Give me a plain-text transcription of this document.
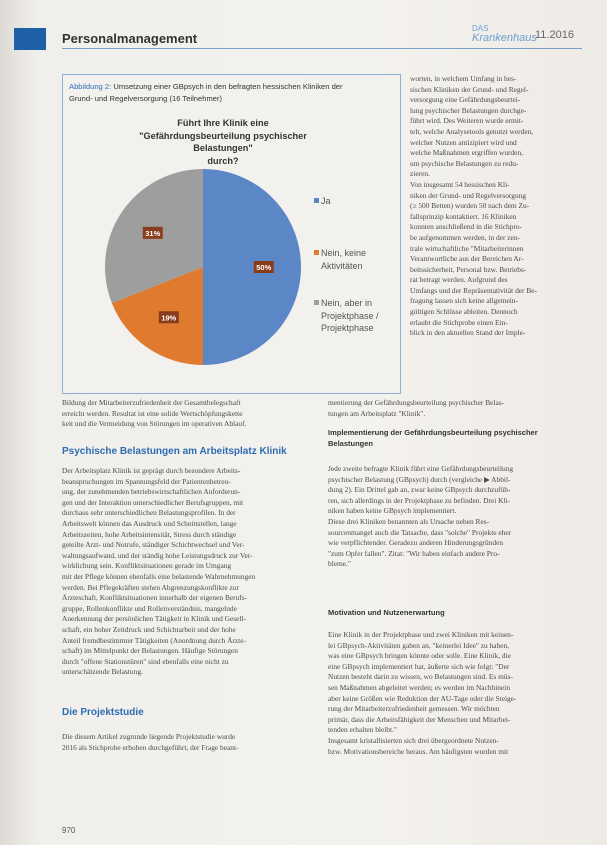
Personalmanagement
DAS
Krankenhaus
11.2016
Abbildung 2: Umsetzung einer GBpsych in den befragten hessischen Kliniken der
Grund- und Regelversorgung (16 Teilnehmer)
Führt Ihre Klinik eine
"Gefährdungsbeurteilung psychischer Belastungen"
durch?
50%
19%
31%
Ja
Nein, keine
Aktivitäten
Nein, aber in
Projektphase /
Projektphase

worten, in welchem Umfang in hes-

sischen Kliniken der Grund- und Regel-

versorgung eine Gefährdungsbeurtei-

lung psychischer Belastungen durchge-

führt wird. Des Weiteren wurde ermit-

telt, welche Analysetools genutzt werden,

welcher Nutzen antizipiert wird und

welche Maßnahmen ergriffen wurden,

um psychische Belastungen zu redu-

zieren.

Von insgesamt 54 hessischen Kli-

niken der Grund- und Regelversorgung

(≥ 500 Betten) wurden 50 nach dem Zu-

fallsprinzip kontaktiert. 16 Kliniken

konnten anschließend in die Stichpro-

be aufgenommen werden, in der zen-

trale wirtschaftliche "Mitarbeiterinnen

Verantwortliche aus der Bereichen Ar-

beitssicherheit, Personal bzw. Betriebs-

rat betragt werden. Aufgrund des

Umfangs und der Repräsentativität der Be-

fragung lassen sich keine allgemein-

gültigen Schlüsse ableiten. Dennoch

erlaubt die Stichprobe einen Ein-

blick in den aktuellen Stand der Imple-

Bildung der Mitarbeiterzufriedenheit der Gesamtbelegschaft

erreicht werden. Resultat ist eine solide Wertschöpfungskette

keit und die Vermeidung von Störungen im operativen Ablauf.

mentierung der Gefährdungsbeurteilung psychischer Belas-

tungen am Arbeitsplatz "Klinik".

Psychische Belastungen am Arbeitsplatz Klinik

Der Arbeitsplatz Klinik ist geprägt durch besondere Arbeits-

beanspruchungen im Spannungsfeld der Patientenbetreu-

ung, der zunehmenden betriebswirtschaftlichen Anforderun-

gen und der Interaktion unterschiedlicher Berufsgruppen, mit

durchaus sehr unterschiedlichen Belastungsprofilen. In der

Arbeitswelt können das Ausdruck und Schnittstellen, lange

Arbeitszeiten, hohe Arbeitsintensität, Stress durch ständige

geteilte Arzt- und Notrufe, ständiger Schichtwechsel und Ver-

waltungsaufwand, und der ständig hohe Leistungsdruck zur Ver-

wirklichung sein. Konfliktsituationen gerade im Umgang

mit der Pflege können ebenfalls eine belastende Wahrnehmungen

werden. Bei Pflegekräften stehen Abgrenzungskonflikte zur

Ärzteschaft, Konfliktsituationen innerhalb der eigenen Berufs-

gruppe, Rollenkonflikte und Rollenverständnis, mangelnde

Anerkennung der persönlichen Tätigkeit in Klinik und Gesell-

schaft, ein hoher Zeitdruck und Schichtarbeit und der hohe

Anteil fremdbestimmter Tätigkeiten (Anordnung durch Ärzte-

schaft) im Mittelpunkt der Belastungen. Häufige Störungen

durch "offene Stationstüren" sind ebenfalls eine nicht zu

unterschätzende Belastung.

Die Projektstudie

Die diesem Artikel zugrunde liegende Projektstudie wurde

2016 als Stichprobe erhoben durchgeführt, der Frage beant-

Implementierung der Gefährdungsbeurteilung psychischer
Belastungen

Jede zweite befragte Klinik führt eine Gefährdungsbeurteilung

psychischer Belastung (GBpsych) durch (vergleiche ▶ Abbil-

dung 2). Ein Drittel gab an, zwar keine GBpsych durchzufüh-

ren, sich allerdings in der Projektphase zu befinden. Drei Kli-

niken haben keine GBpsych implementiert.

Diese drei Kliniken benannten als Ursache neben Res-

sourcenmangel auch die Tatsache, dass "solche" Projekte eher

wie verpflichtender. Geradezu anderen Hinderungsgründen

"zum Opfer fallen". Zitat: "Wir haben einfach andere Pro-

bleme."

Motivation und Nutzenerwartung

Eine Klinik in der Projektphase und zwei Kliniken mit keinen-

lei GBpsych-Aktivitäten gaben an, "keinerlei Idee" zu haben,

was eine GBpsych bringen könnte oder solle. Eine Klinik, die

eine GBpsych implementiert hat, äußerte sich wie folgt: "Der

Nutzen besteht darin zu wissen, wo Belastungen sind. Es müs-

sen Maßnahmen abgeleitet werden; es werden im Nachhinein

aber keine Größen wie Reduktion der AU-Tage oder die Steige-

rung der Mitarbeiterzufriedenheit gemessen. Wir möchten

primär, dass die Arbeitsfähigkeit der Menschen und Mitarbei-

tenden erhalten bleibt."

Insgesamt kristallisierten sich drei übergeordnete Nutzen-

bzw. Motivationsbereiche heraus. Am häufigsten wurden mit

970
